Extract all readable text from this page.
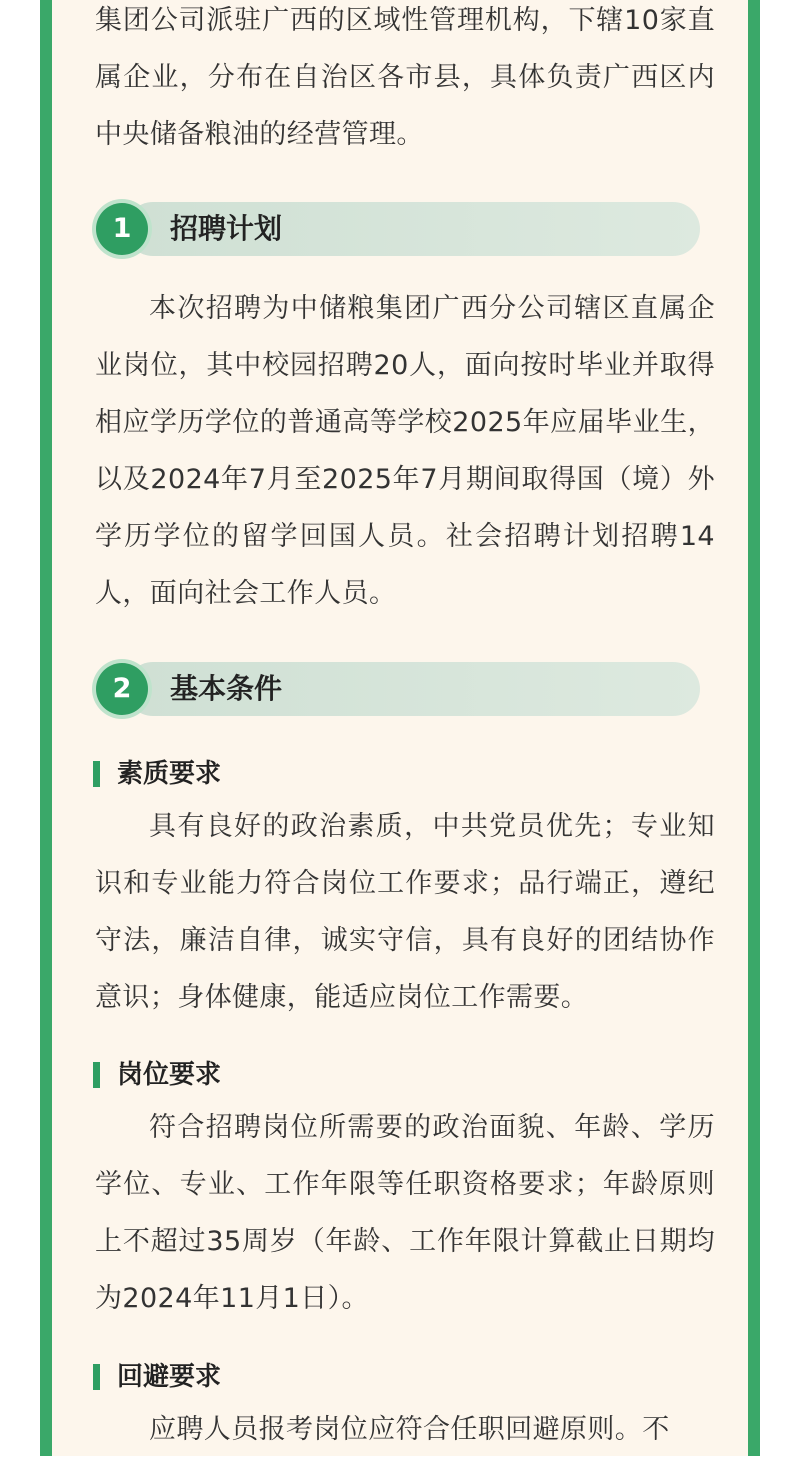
集团公司派驻广西的区域性管理机构，下辖10家直属企业，分布在自治区各市县，具体负责广西区内中央储备粮油的经营管理。

1	招聘计划

本次招聘为中储粮集团广西分公司辖区直属企业岗位，其中校园招聘20人，面向按时毕业并取得相应学历学位的普通高等学校2025年应届毕业生，以及2024年7月至2025年7月期间取得国（境）外学历学位的留学回国人员。社会招聘计划招聘14人，面向社会工作人员。

2	基本条件
素质要求

具有良好的政治素质，中共党员优先；专业知识和专业能力符合岗位工作要求；品行端正，遵纪守法，廉洁自律，诚实守信，具有良好的团结协作意识；身体健康，能适应岗位工作需要。

岗位要求

符合招聘岗位所需要的政治面貌、年龄、学历学位、专业、工作年限等任职资格要求；年龄原则上不超过35周岁（年龄、工作年限计算截止日期均为2024年11月1日）。

回避要求

应聘人员报考岗位应符合任职回避原则。不
